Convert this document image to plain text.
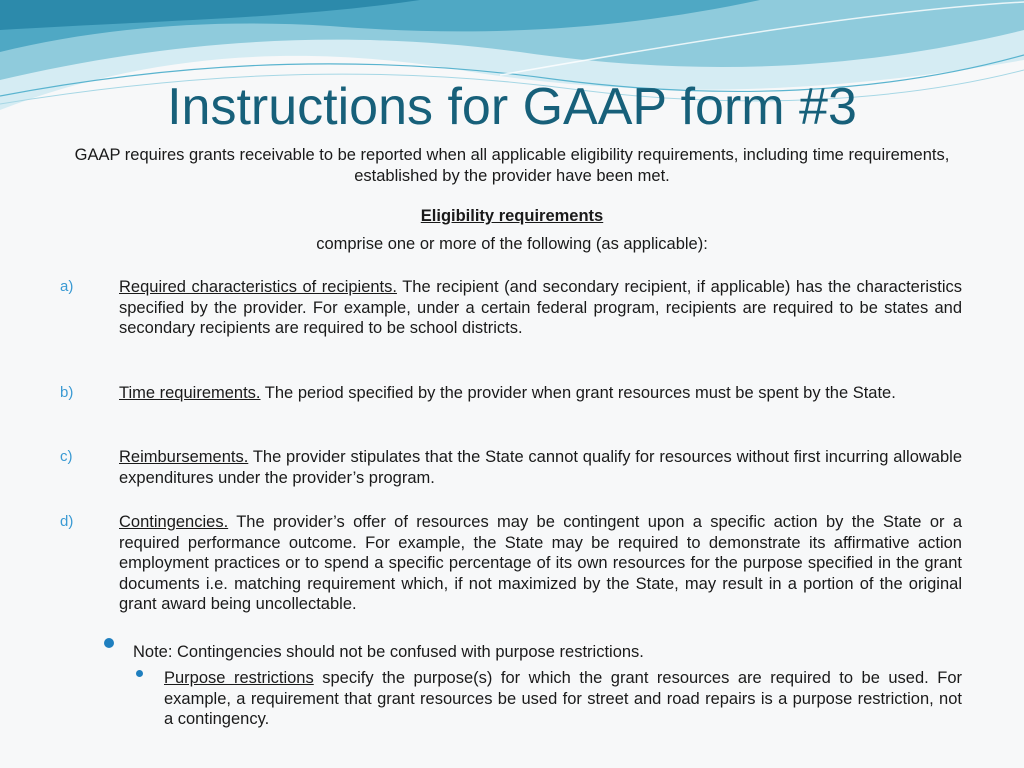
Instructions for GAAP form #3
GAAP requires grants receivable to be reported when all applicable eligibility requirements, including time requirements, established by the provider have been met.
Eligibility requirements
comprise one or more of the following (as applicable):
a)	Required characteristics of recipients. The recipient (and secondary recipient, if applicable) has the characteristics specified by the provider. For example, under a certain federal program, recipients are required to be states and secondary recipients are required to be school districts.
b)	Time requirements. The period specified by the provider when grant resources must be spent by the State.
c)	Reimbursements. The provider stipulates that the State cannot qualify for resources without first incurring allowable expenditures under the provider’s program.
d)	Contingencies. The provider’s offer of resources may be contingent upon a specific action by the State or a required performance outcome. For example, the State may be required to demonstrate its affirmative action employment practices or to spend a specific percentage of its own resources for the purpose specified in the grant documents i.e. matching requirement which, if not maximized by the State, may result in a portion of the original grant award being uncollectable.
Note: Contingencies should not be confused with purpose restrictions.
Purpose restrictions specify the purpose(s) for which the grant resources are required to be used. For example, a requirement that grant resources be used for street and road repairs is a purpose restriction, not a contingency.
